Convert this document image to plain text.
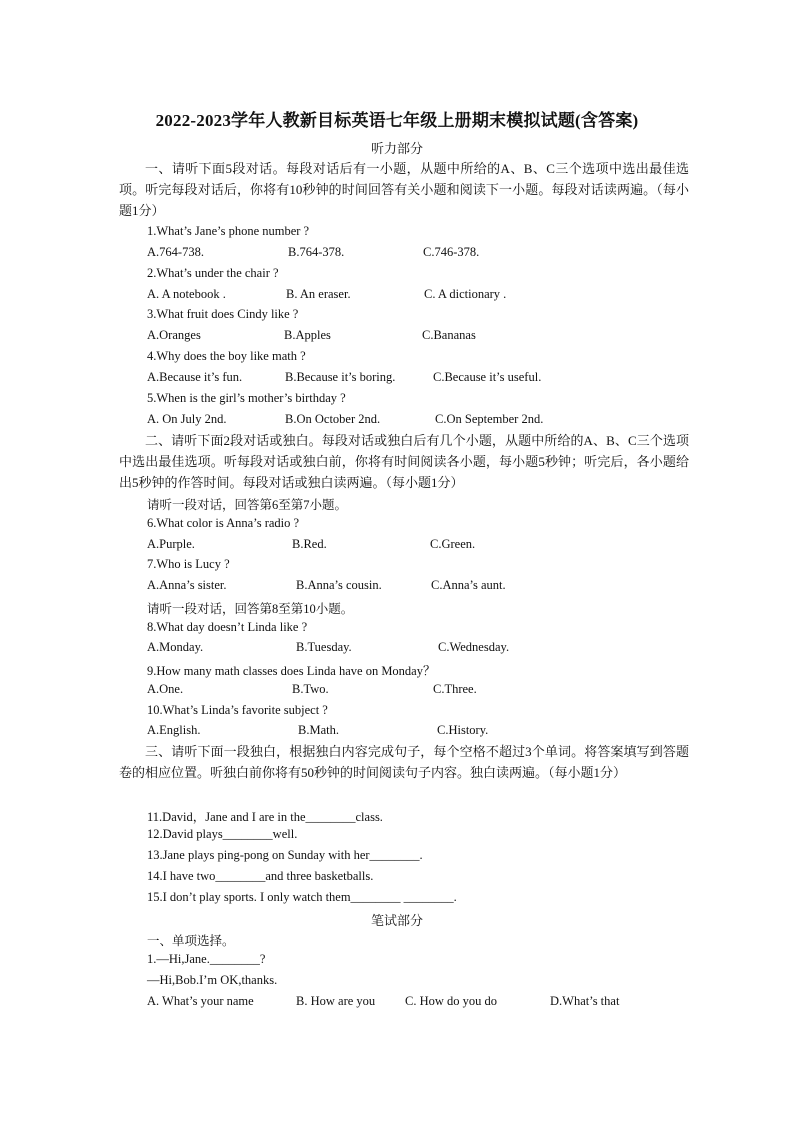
2022-2023学年人教新目标英语七年级上册期末模拟试题(含答案)
听力部分
一、请听下面5段对话。每段对话后有一小题，从题中所给的A、B、C三个选项中选出最佳选项。听完每段对话后，你将有10秒钟的时间回答有关小题和阅读下一小题。每段对话读两遍。（每小题1分）
1.What’s Jane’s phone number ?
A.764-738.	B.764-378.	C.746-378.
2.What’s under the chair ?
A. A notebook .	B. An eraser.	C. A dictionary .
3.What fruit does Cindy like ?
A.Oranges	B.Apples	C.Bananas
4.Why does the boy like math ?
A.Because it’s fun.	B.Because it’s boring.	C.Because it’s useful.
5.When is the girl’s mother’s birthday ?
A. On July 2nd.	B.On October 2nd.	C.On September 2nd.
二、请听下面2段对话或独白。每段对话或独白后有几个小题，从题中所给的A、B、C三个选项中选出最佳选项。听每段对话或独白前，你将有时间阅读各小题，每小题5秒钟；听完后，各小题给出5秒钟的作答时间。每段对话或独白读两遍。（每小题1分）
请听一段对话，回答第6至第7小题。
6.What color is Anna’s radio ?
A.Purple.	B.Red.	C.Green.
7.Who is Lucy ?
A.Anna’s sister.	B.Anna’s cousin.	C.Anna’s aunt.
请听一段对话，回答第8至第10小题。
8.What day doesn’t Linda like ?
A.Monday.	B.Tuesday.	C.Wednesday.
9.How many math classes does Linda have on Monday？
A.One.	B.Two.	C.Three.
10.What’s Linda’s favorite subject ?
A.English.	B.Math.	C.History.
三、请听下面一段独白，根据独白内容完成句子，每个空格不超过3个单词。将答案填写到答题卷的相应位置。听独白前你将有50秒钟的时间阅读句子内容。独白读两遍。（每小题1分）
11.David，Jane and I are in the________class.
12.David plays________well.
13.Jane plays ping-pong on Sunday with her________.
14.I have two________and three basketballs.
15.I don’t play sports. I only watch them________ ________.
笔试部分
一、单项选择。
1.—Hi,Jane.________?
—Hi,Bob.I’m OK,thanks.
A. What’s your name	B. How are you C. How do you do	D.What’s that
